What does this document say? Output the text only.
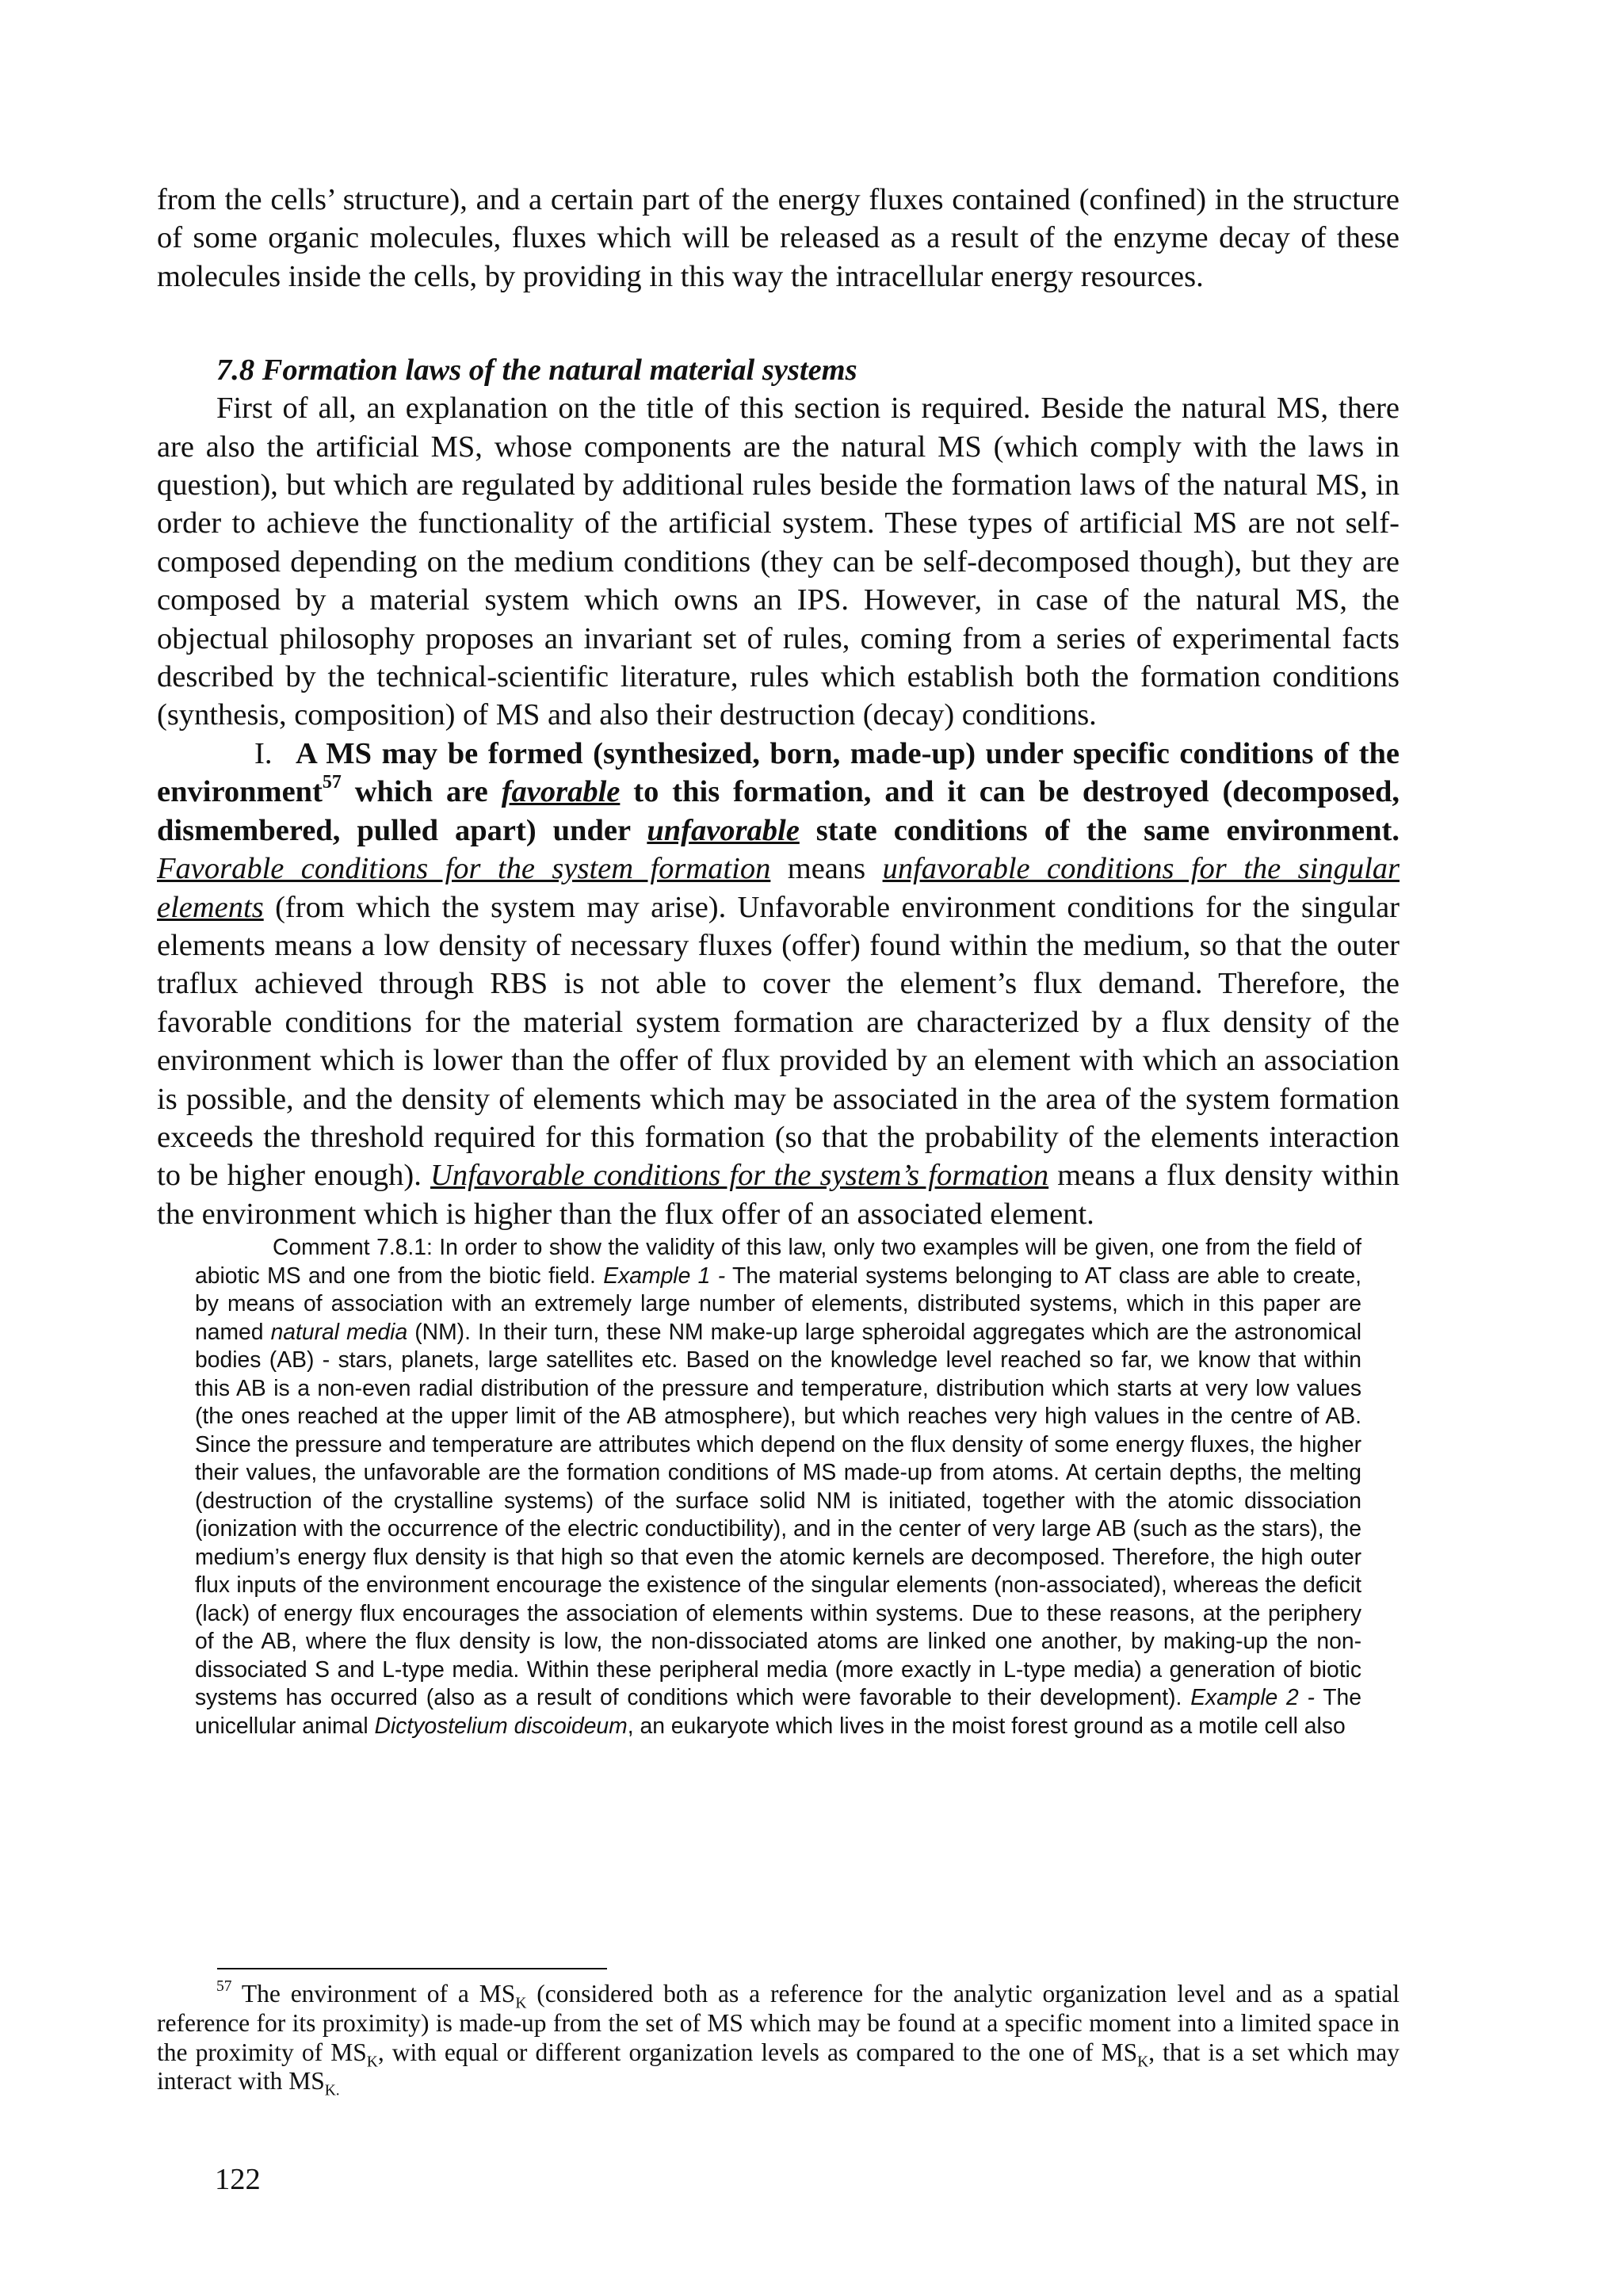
from the cells’ structure), and a certain part of the energy fluxes contained (confined) in the structure of some organic molecules, fluxes which will be released as a result of the enzyme decay of these molecules inside the cells, by providing in this way the intracellular energy resources.

7.8 Formation laws of the natural material systems

First of all, an explanation on the title of this section is required. Beside the natural MS, there are also the artificial MS, whose components are the natural MS (which comply with the laws in question), but which are regulated by additional rules beside the formation laws of the natural MS, in order to achieve the functionality of the artificial system. These types of artificial MS are not self-composed depending on the medium conditions (they can be self-decomposed though), but they are composed by a material system which owns an IPS. However, in case of the natural MS, the objectual philosophy proposes an invariant set of rules, coming from a series of experimental facts described by the technical-scientific literature, rules which establish both the formation conditions (synthesis, composition) of MS and also their destruction (decay) conditions.

I. A MS may be formed (synthesized, born, made-up) under specific conditions of the environment$^{57}$ which are favorable to this formation, and it can be destroyed (decomposed, dismembered, pulled apart) under unfavorable state conditions of the same environment. Favorable conditions for the system formation means unfavorable conditions for the singular elements (from which the system may arise). Unfavorable environment conditions for the singular elements means a low density of necessary fluxes (offer) found within the medium, so that the outer traflux achieved through RBS is not able to cover the element’s flux demand. Therefore, the favorable conditions for the material system formation are characterized by a flux density of the environment which is lower than the offer of flux provided by an element with which an association is possible, and the density of elements which may be associated in the area of the system formation exceeds the threshold required for this formation (so that the probability of the elements interaction to be higher enough). Unfavorable conditions for the system’s formation means a flux density within the environment which is higher than the flux offer of an associated element.

Comment 7.8.1: In order to show the validity of this law, only two examples will be given, one from the field of abiotic MS and one from the biotic field. Example 1 - The material systems belonging to AT class are able to create, by means of association with an extremely large number of elements, distributed systems, which in this paper are named natural media (NM). In their turn, these NM make-up large spheroidal aggregates which are the astronomical bodies (AB) - stars, planets, large satellites etc. Based on the knowledge level reached so far, we know that within this AB is a non-even radial distribution of the pressure and temperature, distribution which starts at very low values (the ones reached at the upper limit of the AB atmosphere), but which reaches very high values in the centre of AB. Since the pressure and temperature are attributes which depend on the flux density of some energy fluxes, the higher their values, the unfavorable are the formation conditions of MS made-up from atoms. At certain depths, the melting (destruction of the crystalline systems) of the surface solid NM is initiated, together with the atomic dissociation (ionization with the occurrence of the electric conductibility), and in the center of very large AB (such as the stars), the medium’s energy flux density is that high so that even the atomic kernels are decomposed. Therefore, the high outer flux inputs of the environment encourage the existence of the singular elements (non-associated), whereas the deficit (lack) of energy flux encourages the association of elements within systems. Due to these reasons, at the periphery of the AB, where the flux density is low, the non-dissociated atoms are linked one another, by making-up the non-dissociated S and L-type media. Within these peripheral media (more exactly in L-type media) a generation of biotic systems has occurred (also as a result of conditions which were favorable to their development). Example 2 - The unicellular animal Dictyostelium discoideum, an eukaryote which lives in the moist forest ground as a motile cell also

$^{57}$ The environment of a $MS_K$ (considered both as a reference for the analytic organization level and as a spatial reference for its proximity) is made-up from the set of MS which may be found at a specific moment into a limited space in the proximity of $MS_K$, with equal or different organization levels as compared to the one of $MS_K$, that is a set which may interact with $MS_{K.}$

122
